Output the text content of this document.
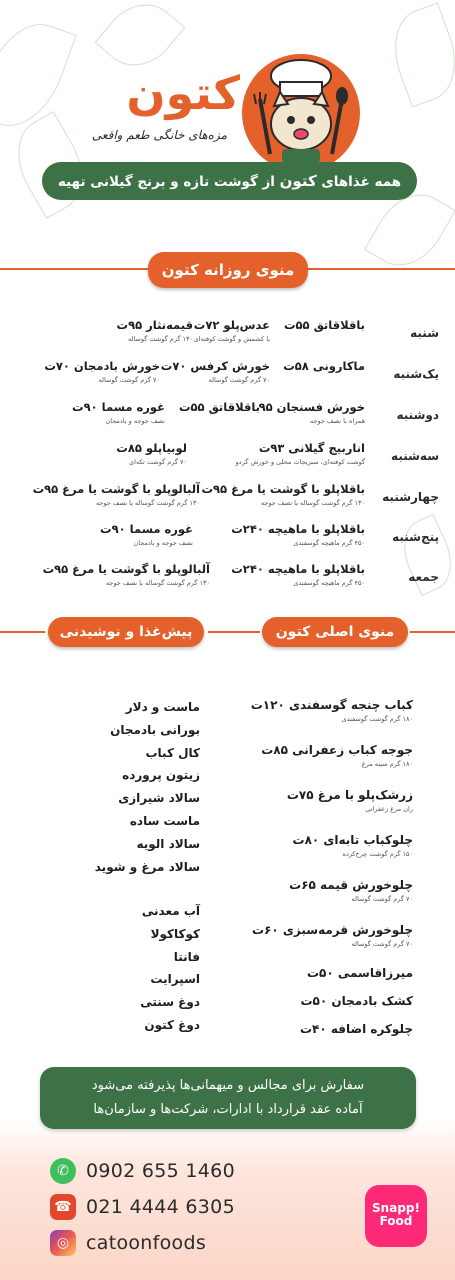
کتون
مزه‌های خانگی طعم واقعی
همه غذاهای کتون از گوشت تازه و برنج گیلانی تهیه میشه!
منوی روزانه کتون
شنبه
باقلاقاتق ۵۵ت
عدس‌پلو ۷۲ت
با کشمش و گوشت کوفته‌ای
قیمه‌نثار ۹۵ت
۱۳۰ گرم گوشت گوساله
یک‌شنبه
ماکارونی ۵۸ت
خورش کرفس ۷۰ت
۷۰ گرم گوشت گوساله
خورش بادمجان ۷۰ت
۷۰ گرم گوشت گوساله
دوشنبه
خورش فسنجان ۹۵
همراه با نصف جوجه
باقلاقاتق ۵۵ت
غوره مسما ۹۰ت
نصف جوجه و بادمجان
سه‌شنبه
اناربیج گیلانی ۹۳ت
گوشت کوفته‌ای، سبزیجات محلی و خورش گردو
لوبیاپلو ۸۵ت
۷۰ گرم گوشت تکه‌ای
چهارشنبه
باقلاپلو با گوشت یا مرغ ۹۵ت
۱۳۰ گرم گوشت گوساله یا نصف جوجه
آلبالوپلو با گوشت یا مرغ ۹۵ت
۱۳۰ گرم گوشت گوساله یا نصف جوجه
پنج‌شنبه
باقلاپلو با ماهیچه ۲۴۰ت
۴۵۰ گرم ماهیچه گوسفندی
غوره مسما ۹۰ت
نصف جوجه و بادمجان
جمعه
باقلاپلو با ماهیچه ۲۴۰ت
۴۵۰ گرم ماهیچه گوسفندی
آلبالوپلو با گوشت یا مرغ ۹۵ت
۱۳۰ گرم گوشت گوساله یا نصف جوجه
پیش‌غذا و نوشیدنی	منوی اصلی کتون
کباب چنجه گوسفندی ۱۲۰ت
۱۸۰ گرم گوشت گوسفندی
جوجه کباب زعفرانی ۸۵ت
۱۸۰ گرم سینه مرغ
زرشک‌پلو با مرغ ۷۵ت
ران مرغ زعفرانی
چلوکباب تابه‌ای ۸۰ت
۱۵۰ گرم گوشت چرخ‌کرده
چلوخورش قیمه ۶۵ت
۷۰ گرم گوشت گوساله
چلوخورش قرمه‌سبزی ۶۰ت
۷۰ گرم گوشت گوساله
میرزاقاسمی ۵۰ت
کشک بادمجان ۵۰ت
چلوکره اضافه ۴۰ت
ماست و دلار
بورانی بادمجان
کال کباب
زیتون پرورده
سالاد شیرازی
ماست ساده
سالاد الویه
سالاد مرغ و شوید
آب معدنی
کوکاکولا
فانتا
اسپرایت
دوغ سنتی
دوغ کتون
سفارش برای مجالس و میهمانی‌ها پذیرفته می‌شود
آماده عقد قرارداد با ادارات، شرکت‌ها و سازمان‌ها
✆ 0902 655 1460
☎ 021 4444 6305
◎ catoonfoods
Snapp!
Food
